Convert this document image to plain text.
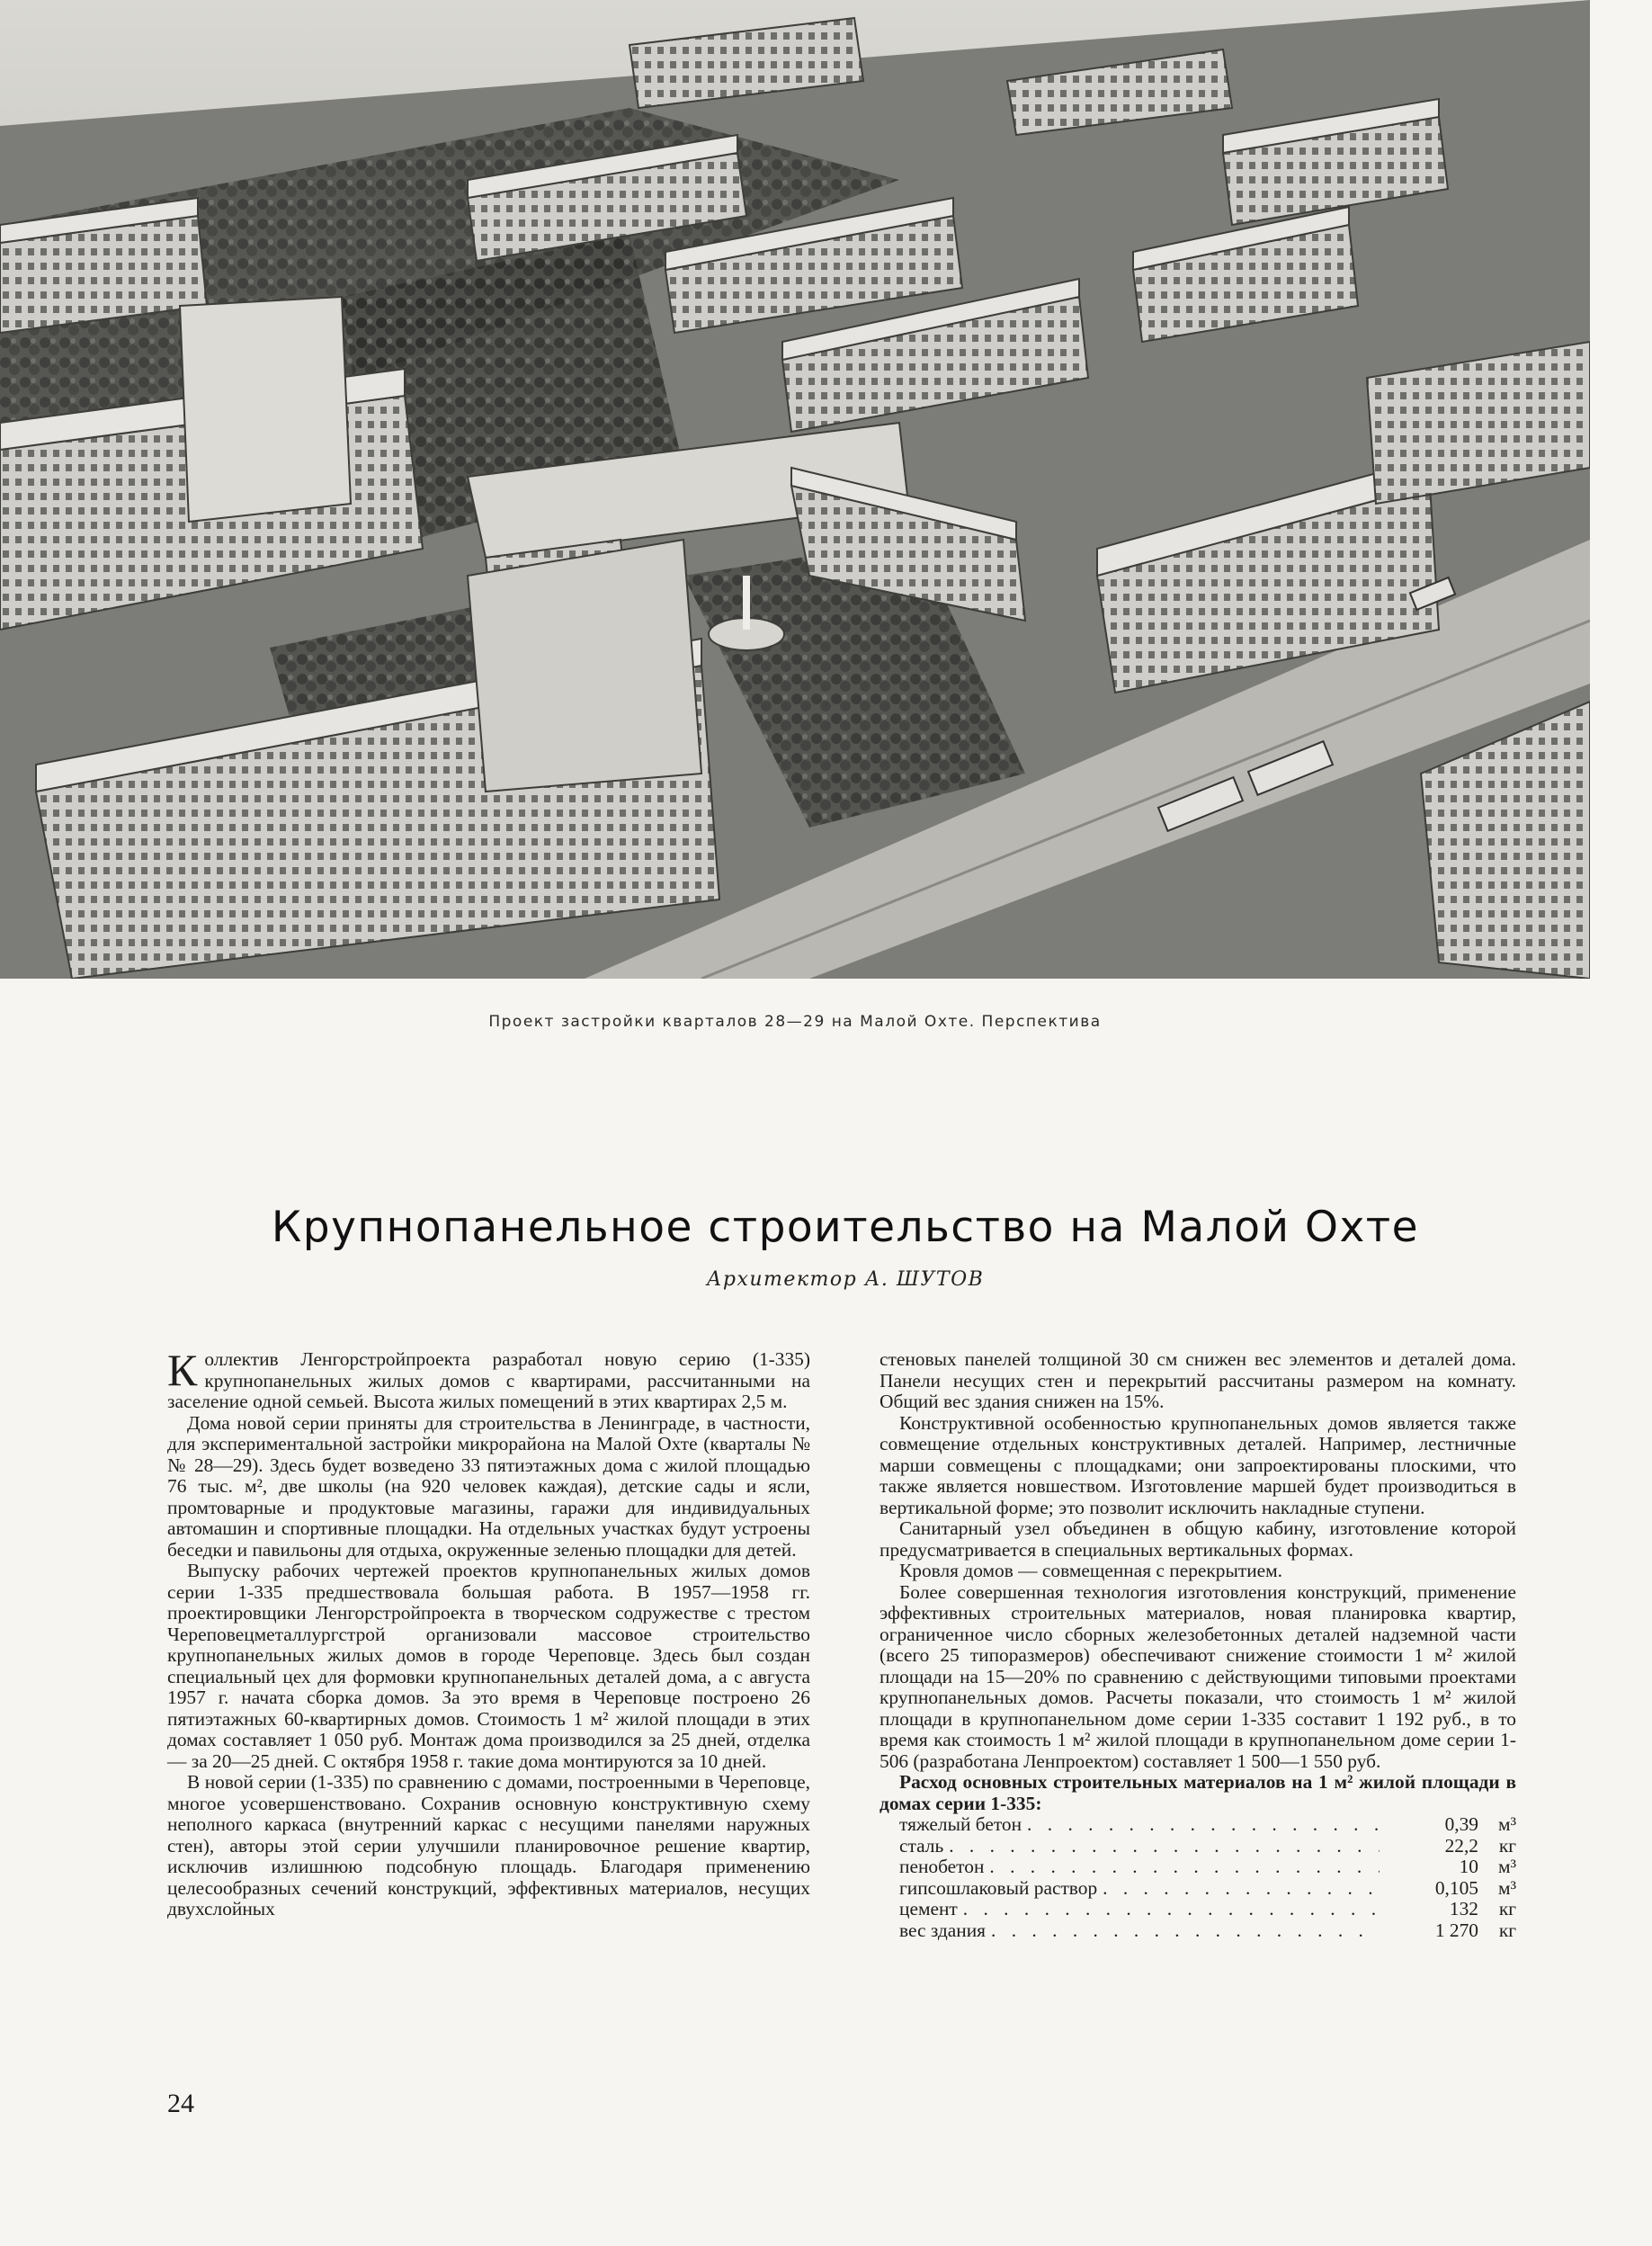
Проект застройки кварталов 28—29 на Малой Охте. Перспектива
Крупнопанельное строительство на Малой Охте
Архитектор А. ШУТОВ

Коллектив Ленгорстройпроекта разработал новую серию (1-335) крупнопанельных жилых домов с квартирами, рассчитанными на заселение одной семьей. Высота жилых помещений в этих квартирах 2,5 м.

Дома новой серии приняты для строительства в Ленинграде, в частности, для экспериментальной застройки микрорайона на Малой Охте (кварталы №№ 28—29). Здесь будет возведено 33 пятиэтажных дома с жилой площадью 76 тыс. м², две школы (на 920 человек каждая), детские сады и ясли, промтоварные и продуктовые магазины, гаражи для индивидуальных автомашин и спортивные площадки. На отдельных участках будут устроены беседки и павильоны для отдыха, окруженные зеленью площадки для детей.

Выпуску рабочих чертежей проектов крупнопанельных жилых домов серии 1-335 предшествовала большая работа. В 1957—1958 гг. проектировщики Ленгорстройпроекта в творческом содружестве с трестом Череповецметаллургстрой организовали массовое строительство крупнопанельных жилых домов в городе Череповце. Здесь был создан специальный цех для формовки крупнопанельных деталей дома, а с августа 1957 г. начата сборка домов. За это время в Череповце построено 26 пятиэтажных 60-квартирных домов. Стоимость 1 м² жилой площади в этих домах составляет 1 050 руб. Монтаж дома производился за 25 дней, отделка — за 20—25 дней. С октября 1958 г. такие дома монтируются за 10 дней.

В новой серии (1-335) по сравнению с домами, построенными в Череповце, многое усовершенствовано. Сохранив основную конструктивную схему неполного каркаса (внутренний каркас с несущими панелями наружных стен), авторы этой серии улучшили планировочное решение квартир, исключив излишнюю подсобную площадь. Благодаря применению целесообразных сечений конструкций, эффективных материалов, несущих двухслойных

стеновых панелей толщиной 30 см снижен вес элементов и деталей дома. Панели несущих стен и перекрытий рассчитаны размером на комнату. Общий вес здания снижен на 15%.

Конструктивной особенностью крупнопанельных домов является также совмещение отдельных конструктивных деталей. Например, лестничные марши совмещены с площадками; они запроектированы плоскими, что также является новшеством. Изготовление маршей будет производиться в вертикальной форме; это позволит исключить накладные ступени.

Санитарный узел объединен в общую кабину, изготовление которой предусматривается в специальных вертикальных формах.

Кровля домов — совмещенная с перекрытием.

Более совершенная технология изготовления конструкций, применение эффективных строительных материалов, новая планировка квартир, ограниченное число сборных железобетонных деталей надземной части (всего 25 типоразмеров) обеспечивают снижение стоимости 1 м² жилой площади на 15—20% по сравнению с действующими типовыми проектами крупнопанельных домов. Расчеты показали, что стоимость 1 м² жилой площади в крупнопанельном доме серии 1-335 составит 1 192 руб., в то время как стоимость 1 м² жилой площади в крупнопанельном доме серии 1-506 (разработана Ленпроектом) составляет 1 500—1 550 руб.

Расход основных строительных материалов на 1 м² жилой площади в домах серии 1-335:

тяжелый бетон . . .	0,39	м³
сталь . . .	22,2	кг
пенобетон . . .	10	м³
гипсошлаковый раствор . . .	0,105	м³
цемент . . .	132	кг
вес здания . . .	1 270	кг
24
